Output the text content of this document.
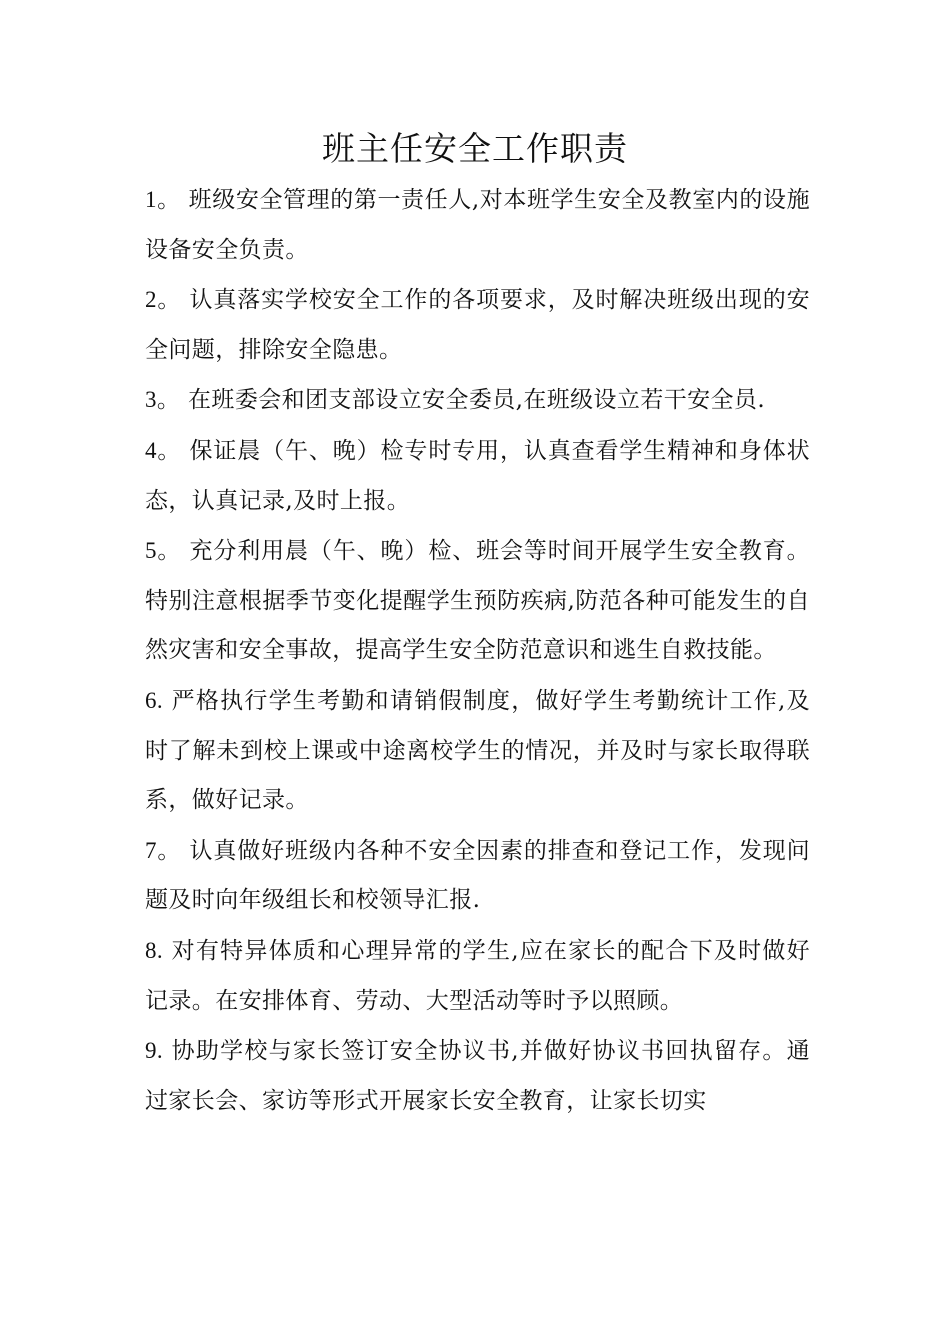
班主任安全工作职责

1。 班级安全管理的第一责任人,对本班学生安全及教室内的设施设备安全负责。

2。 认真落实学校安全工作的各项要求，及时解决班级出现的安全问题，排除安全隐患。

3。 在班委会和团支部设立安全委员,在班级设立若干安全员.

4。 保证晨（午、晚）检专时专用，认真查看学生精神和身体状态，认真记录,及时上报。

5。 充分利用晨（午、晚）检、班会等时间开展学生安全教育。特别注意根据季节变化提醒学生预防疾病,防范各种可能发生的自然灾害和安全事故，提高学生安全防范意识和逃生自救技能。

6. 严格执行学生考勤和请销假制度，做好学生考勤统计工作,及时了解未到校上课或中途离校学生的情况，并及时与家长取得联系，做好记录。

7。 认真做好班级内各种不安全因素的排查和登记工作，发现问题及时向年级组长和校领导汇报.

8. 对有特异体质和心理异常的学生,应在家长的配合下及时做好记录。在安排体育、劳动、大型活动等时予以照顾。

9. 协助学校与家长签订安全协议书,并做好协议书回执留存。通过家长会、家访等形式开展家长安全教育，让家长切实
